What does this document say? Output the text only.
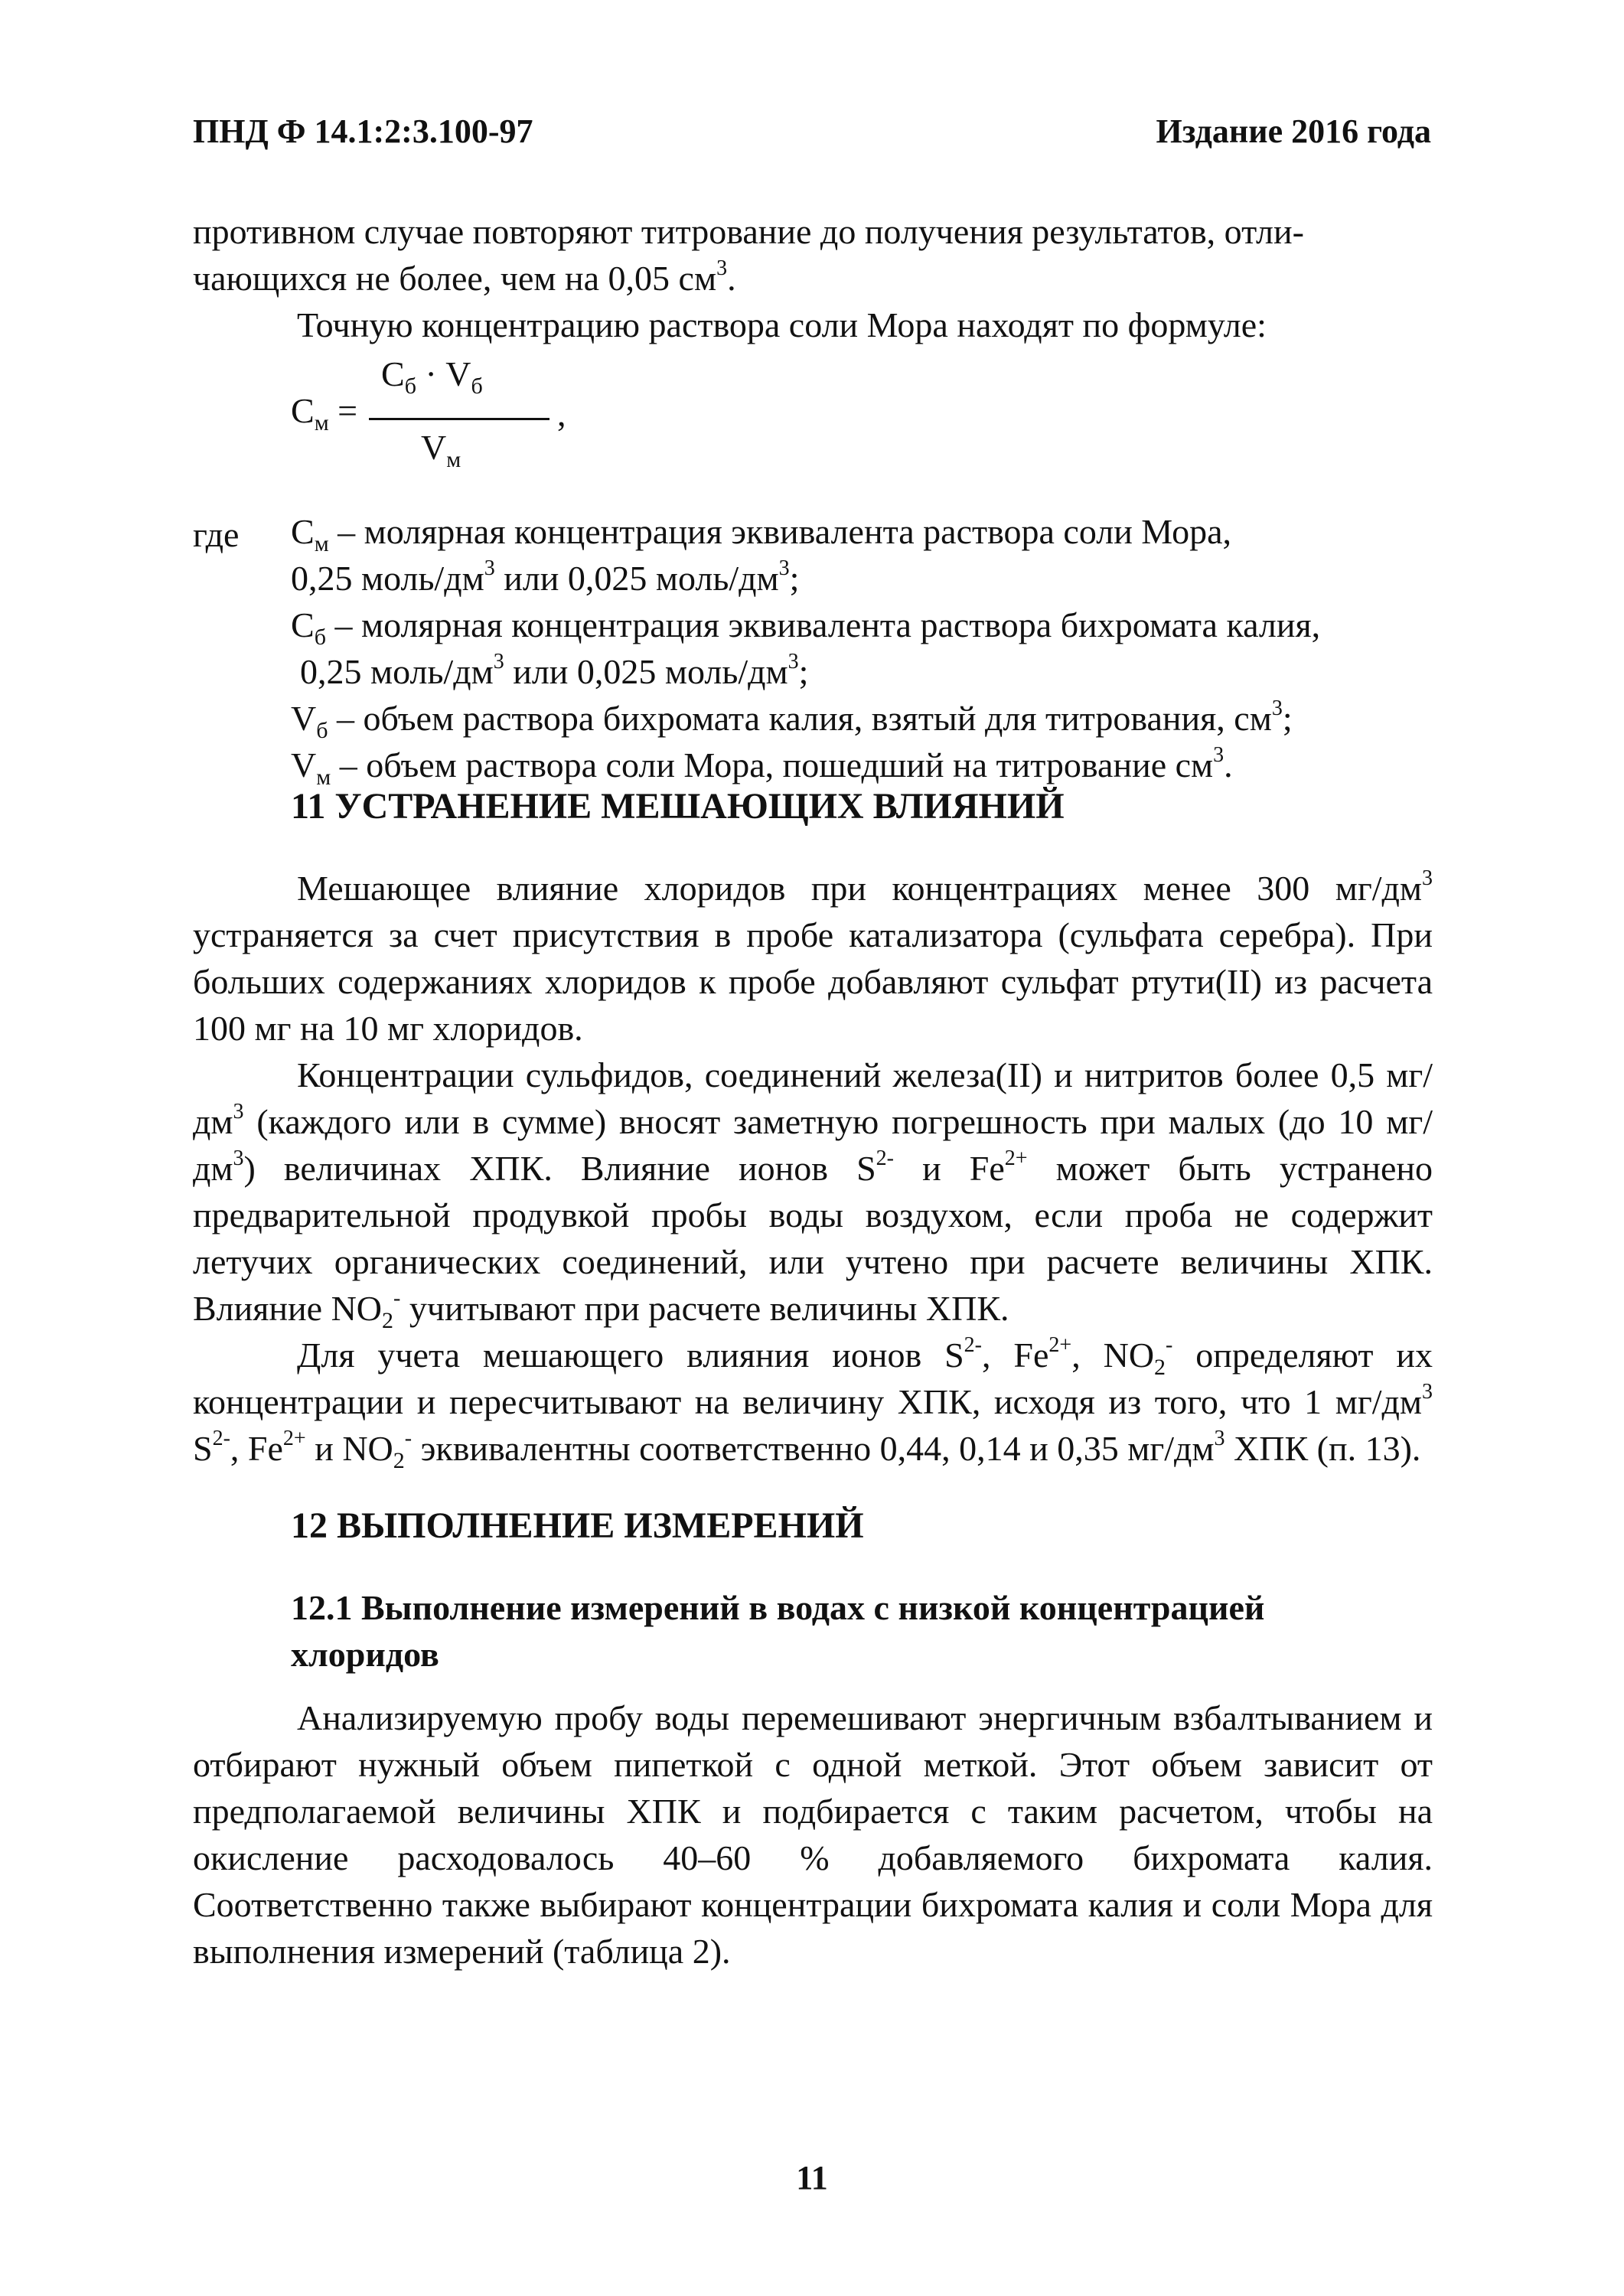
ПНД Ф 14.1:2:3.100-97	Издание 2016 года

противном случае повторяют титрование до получения результатов, отли-

чающихся не более, чем на 0,05 $см^3$.

Точную концентрацию раствора соли Мора находят по формуле:

$C_м$ =
$C_б \cdot V_б$
$V_м$
,
где $C_м$ – молярная концентрация эквивалента раствора соли Мора,

0,25 моль/$дм^3$ или 0,025 моль/$дм^3$;

$C_б$ – молярная концентрация эквивалента раствора бихромата калия,

0,25 моль/$дм^3$ или 0,025 моль/$дм^3$;

$V_б$ – объем раствора бихромата калия, взятый для титрования, $см^3$;

$V_м$ – объем раствора соли Мора, пошедший на титрование $см^3$.

11 УСТРАНЕНИЕ МЕШАЮЩИХ ВЛИЯНИЙ

Мешающее влияние хлоридов при концентрациях менее 300 $мг/дм^3$ устраняется за счет присутствия в пробе катализатора (сульфата серебра). При больших содержаниях хлоридов к пробе добавляют сульфат ртути(II) из расчета 100 мг на 10 мг хлоридов.

Концентрации сульфидов, соединений железа(II) и нитритов более 0,5 $мг/дм^3$ (каждого или в сумме) вносят заметную погрешность при малых (до 10 $мг/дм^3$) величинах ХПК. Влияние ионов $S^{2-}$ и $Fe^{2+}$ может быть устранено предварительной продувкой пробы воды воздухом, если проба не содержит летучих органических соединений, или учтено при расчете величины ХПК. Влияние $NO_2^-$ учитывают при расчете величины ХПК.

Для учета мешающего влияния ионов $S^{2-}$, $Fe^{2+}$, $NO_2^-$ определяют их концентрации и пересчитывают на величину ХПК, исходя из того, что 1 $мг/дм^3$ $S^{2-}$, $Fe^{2+}$ и $NO_2^-$ эквивалентны соответственно 0,44, 0,14 и 0,35 $мг/дм^3$ ХПК (п. 13).

12 ВЫПОЛНЕНИЕ ИЗМЕРЕНИЙ
12.1 Выполнение измерений в водах с низкой концентрацией хлоридов

Анализируемую пробу воды перемешивают энергичным взбалтыванием и отбирают нужный объем пипеткой с одной меткой. Этот объем зависит от предполагаемой величины ХПК и подбирается с таким расчетом, чтобы на окисление расходовалось 40–60 % добавляемого бихромата калия. Соответственно также выбирают концентрации бихромата калия и соли Мора для выполнения измерений (таблица 2).

11
